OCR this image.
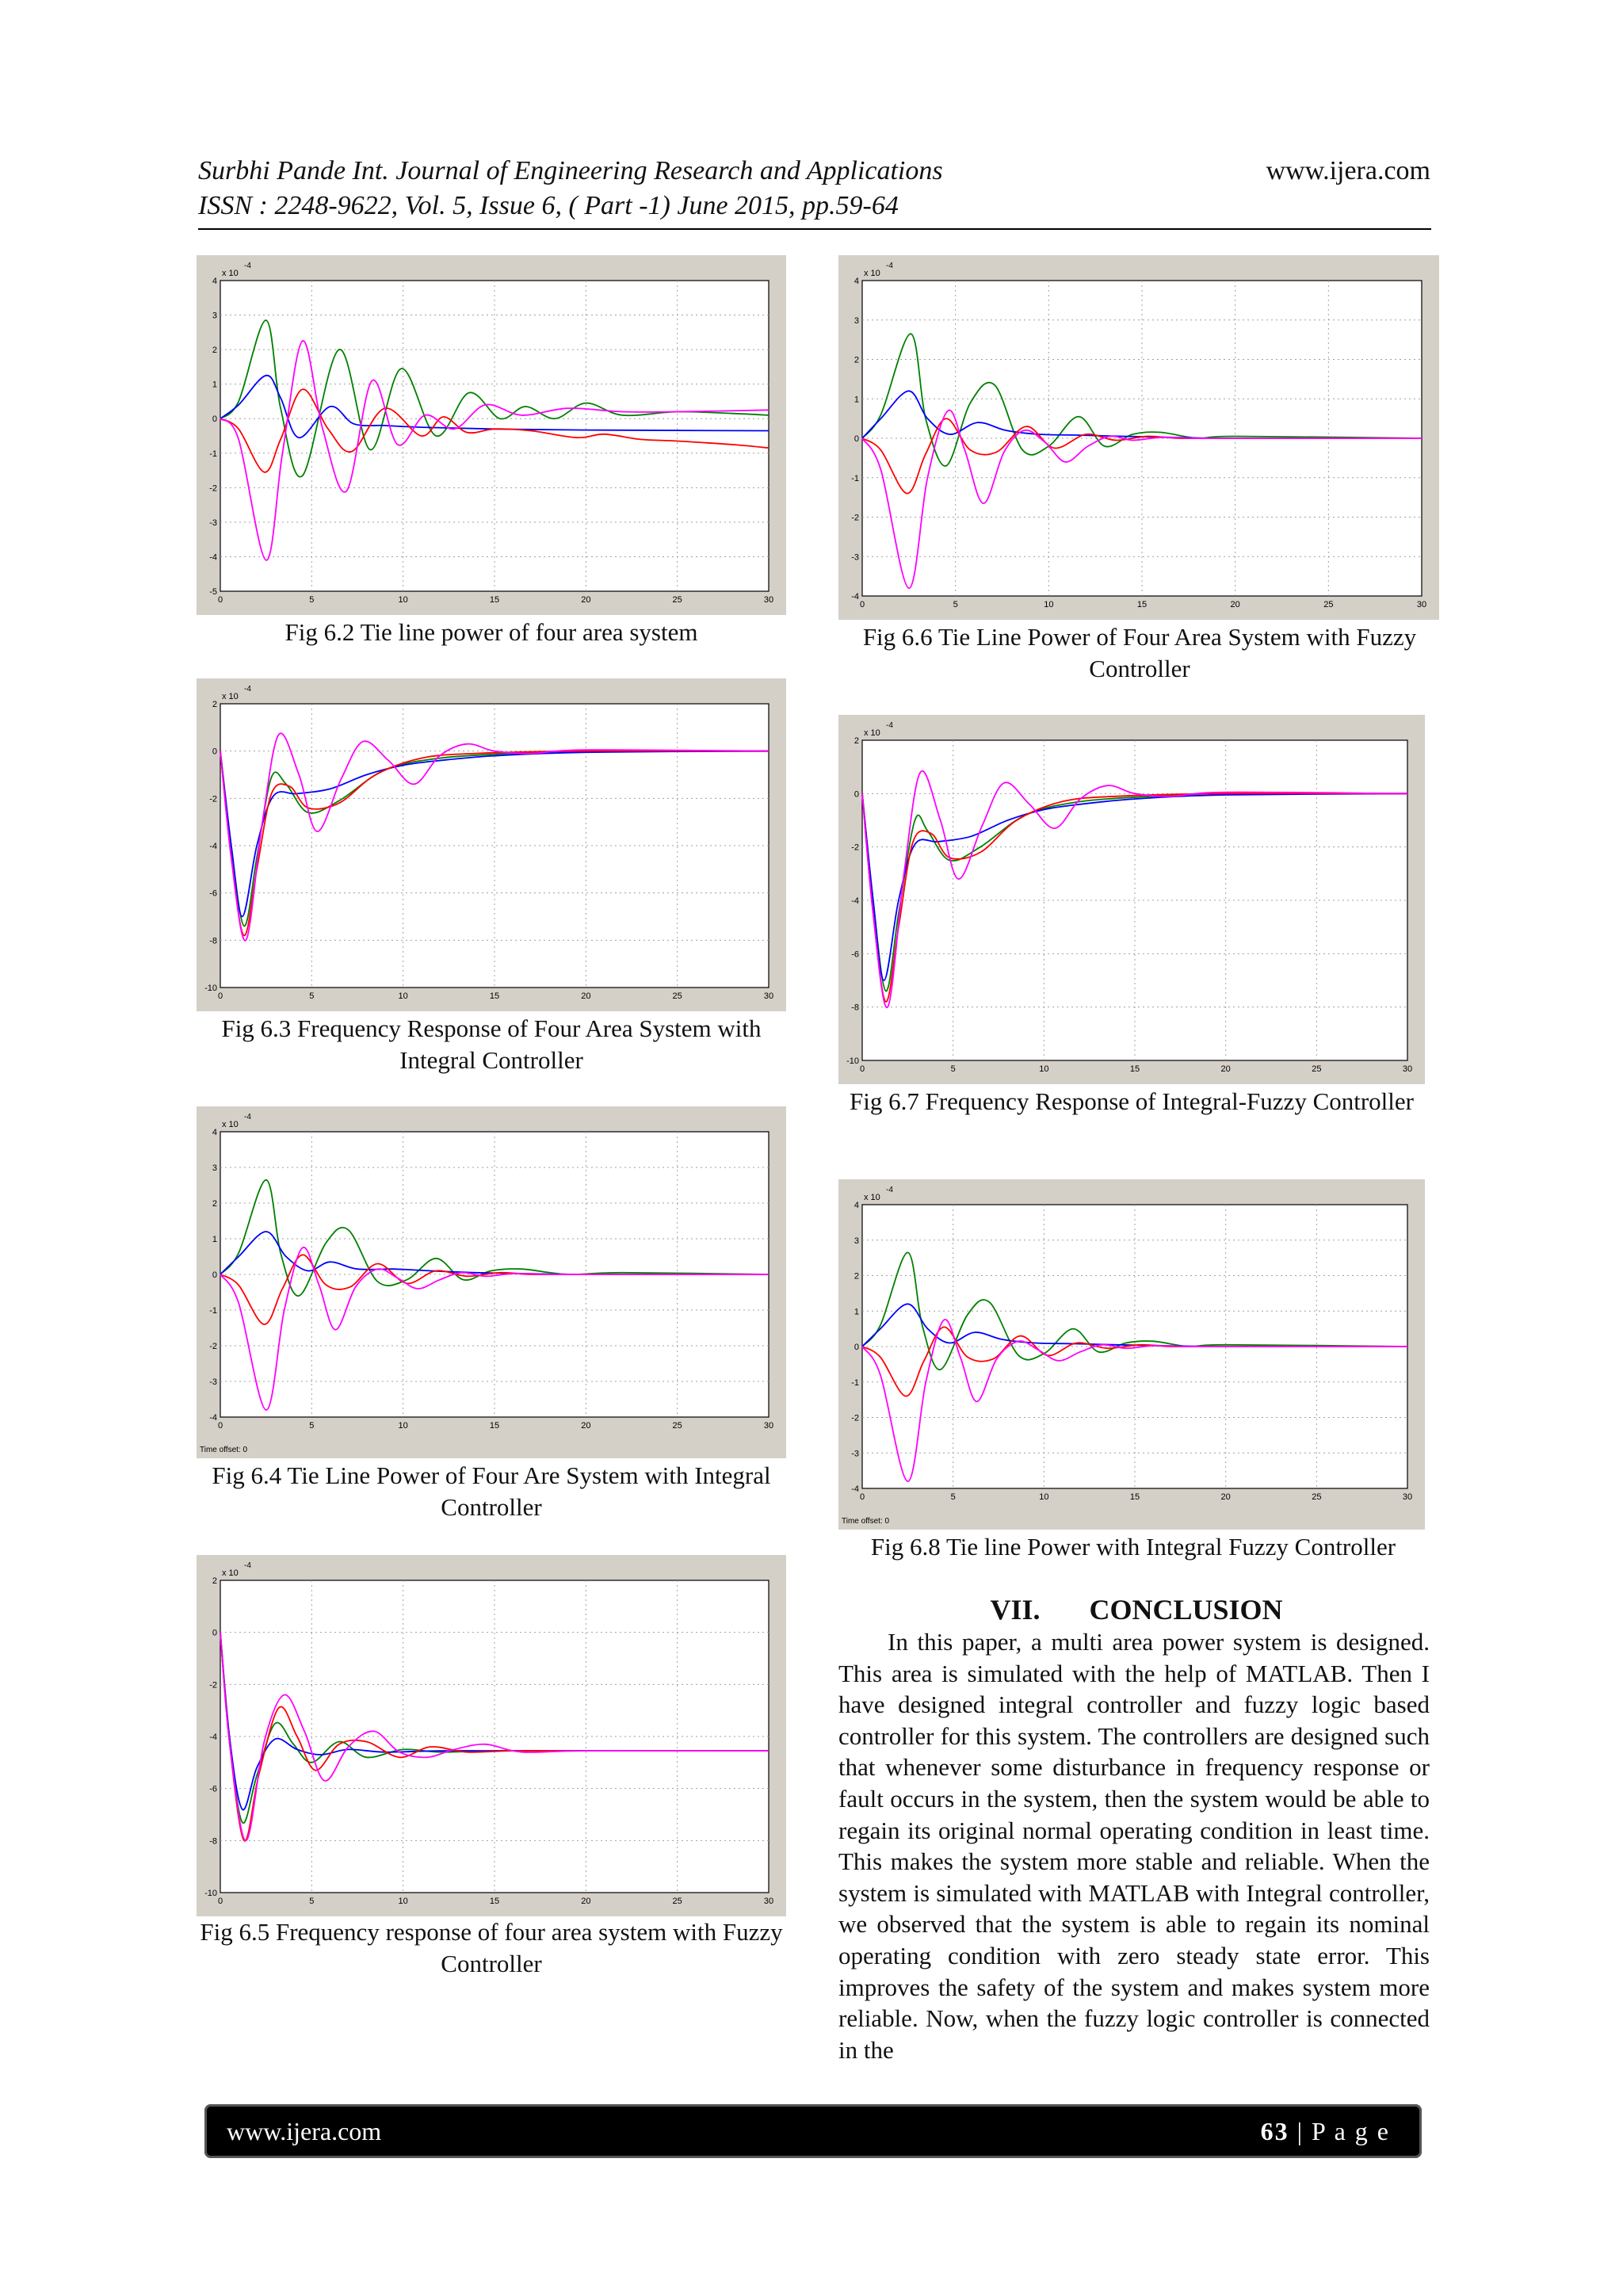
Surbhi Pande Int. Journal of Engineering Research and Applications	www.ijera.com
ISSN : 2248-9622, Vol. 5, Issue 6, ( Part -1) June 2015, pp.59-64
0	5	10	15	20	25	30
-5
-4
-3
-2
-1
0
1
2
3
4
x 10
-4
Fig 6.2 Tie line power of four area system
0	5	10	15	20	25	30
-10
-8
-6
-4
-2
0
2
x 10
-4
Fig 6.3 Frequency Response of Four Area System with Integral Controller
0	5	10	15	20	25	30
-4
-3
-2
-1
0
1
2
3
4
x 10
-4
Time offset: 0
Fig 6.4 Tie Line Power of Four Are System with Integral Controller
0	5	10	15	20	25	30
-10
-8
-6
-4
-2
0
2
x 10
-4
Fig 6.5 Frequency response of four area system with Fuzzy Controller
0	5	10	15	20	25	30
-4
-3
-2
-1
0
1
2
3
4
x 10
-4
Fig 6.6 Tie Line Power of Four Area System with Fuzzy Controller
0	5	10	15	20	25	30
-10
-8
-6
-4
-2
0
2
x 10
-4
Fig 6.7 Frequency Response of Integral-Fuzzy Controller
0	5	10	15	20	25	30
-4
-3
-2
-1
0
1
2
3
4
x 10
-4
Time offset: 0
Fig 6.8 Tie line Power with Integral Fuzzy Controller
VII. CONCLUSION

In this paper, a multi area power system is designed. This area is simulated with the help of MATLAB. Then I have designed integral controller and fuzzy logic based controller for this system. The controllers are designed such that whenever some disturbance in frequency response or fault occurs in the system, then the system would be able to regain its original normal operating condition in least time. This makes the system more stable and reliable. When the system is simulated with MATLAB with Integral controller, we observed that the system is able to regain its nominal operating condition with zero steady state error. This improves the safety of the system and makes system more reliable. Now, when the fuzzy logic controller is connected in the

www.ijera.com	63 | P a g e
